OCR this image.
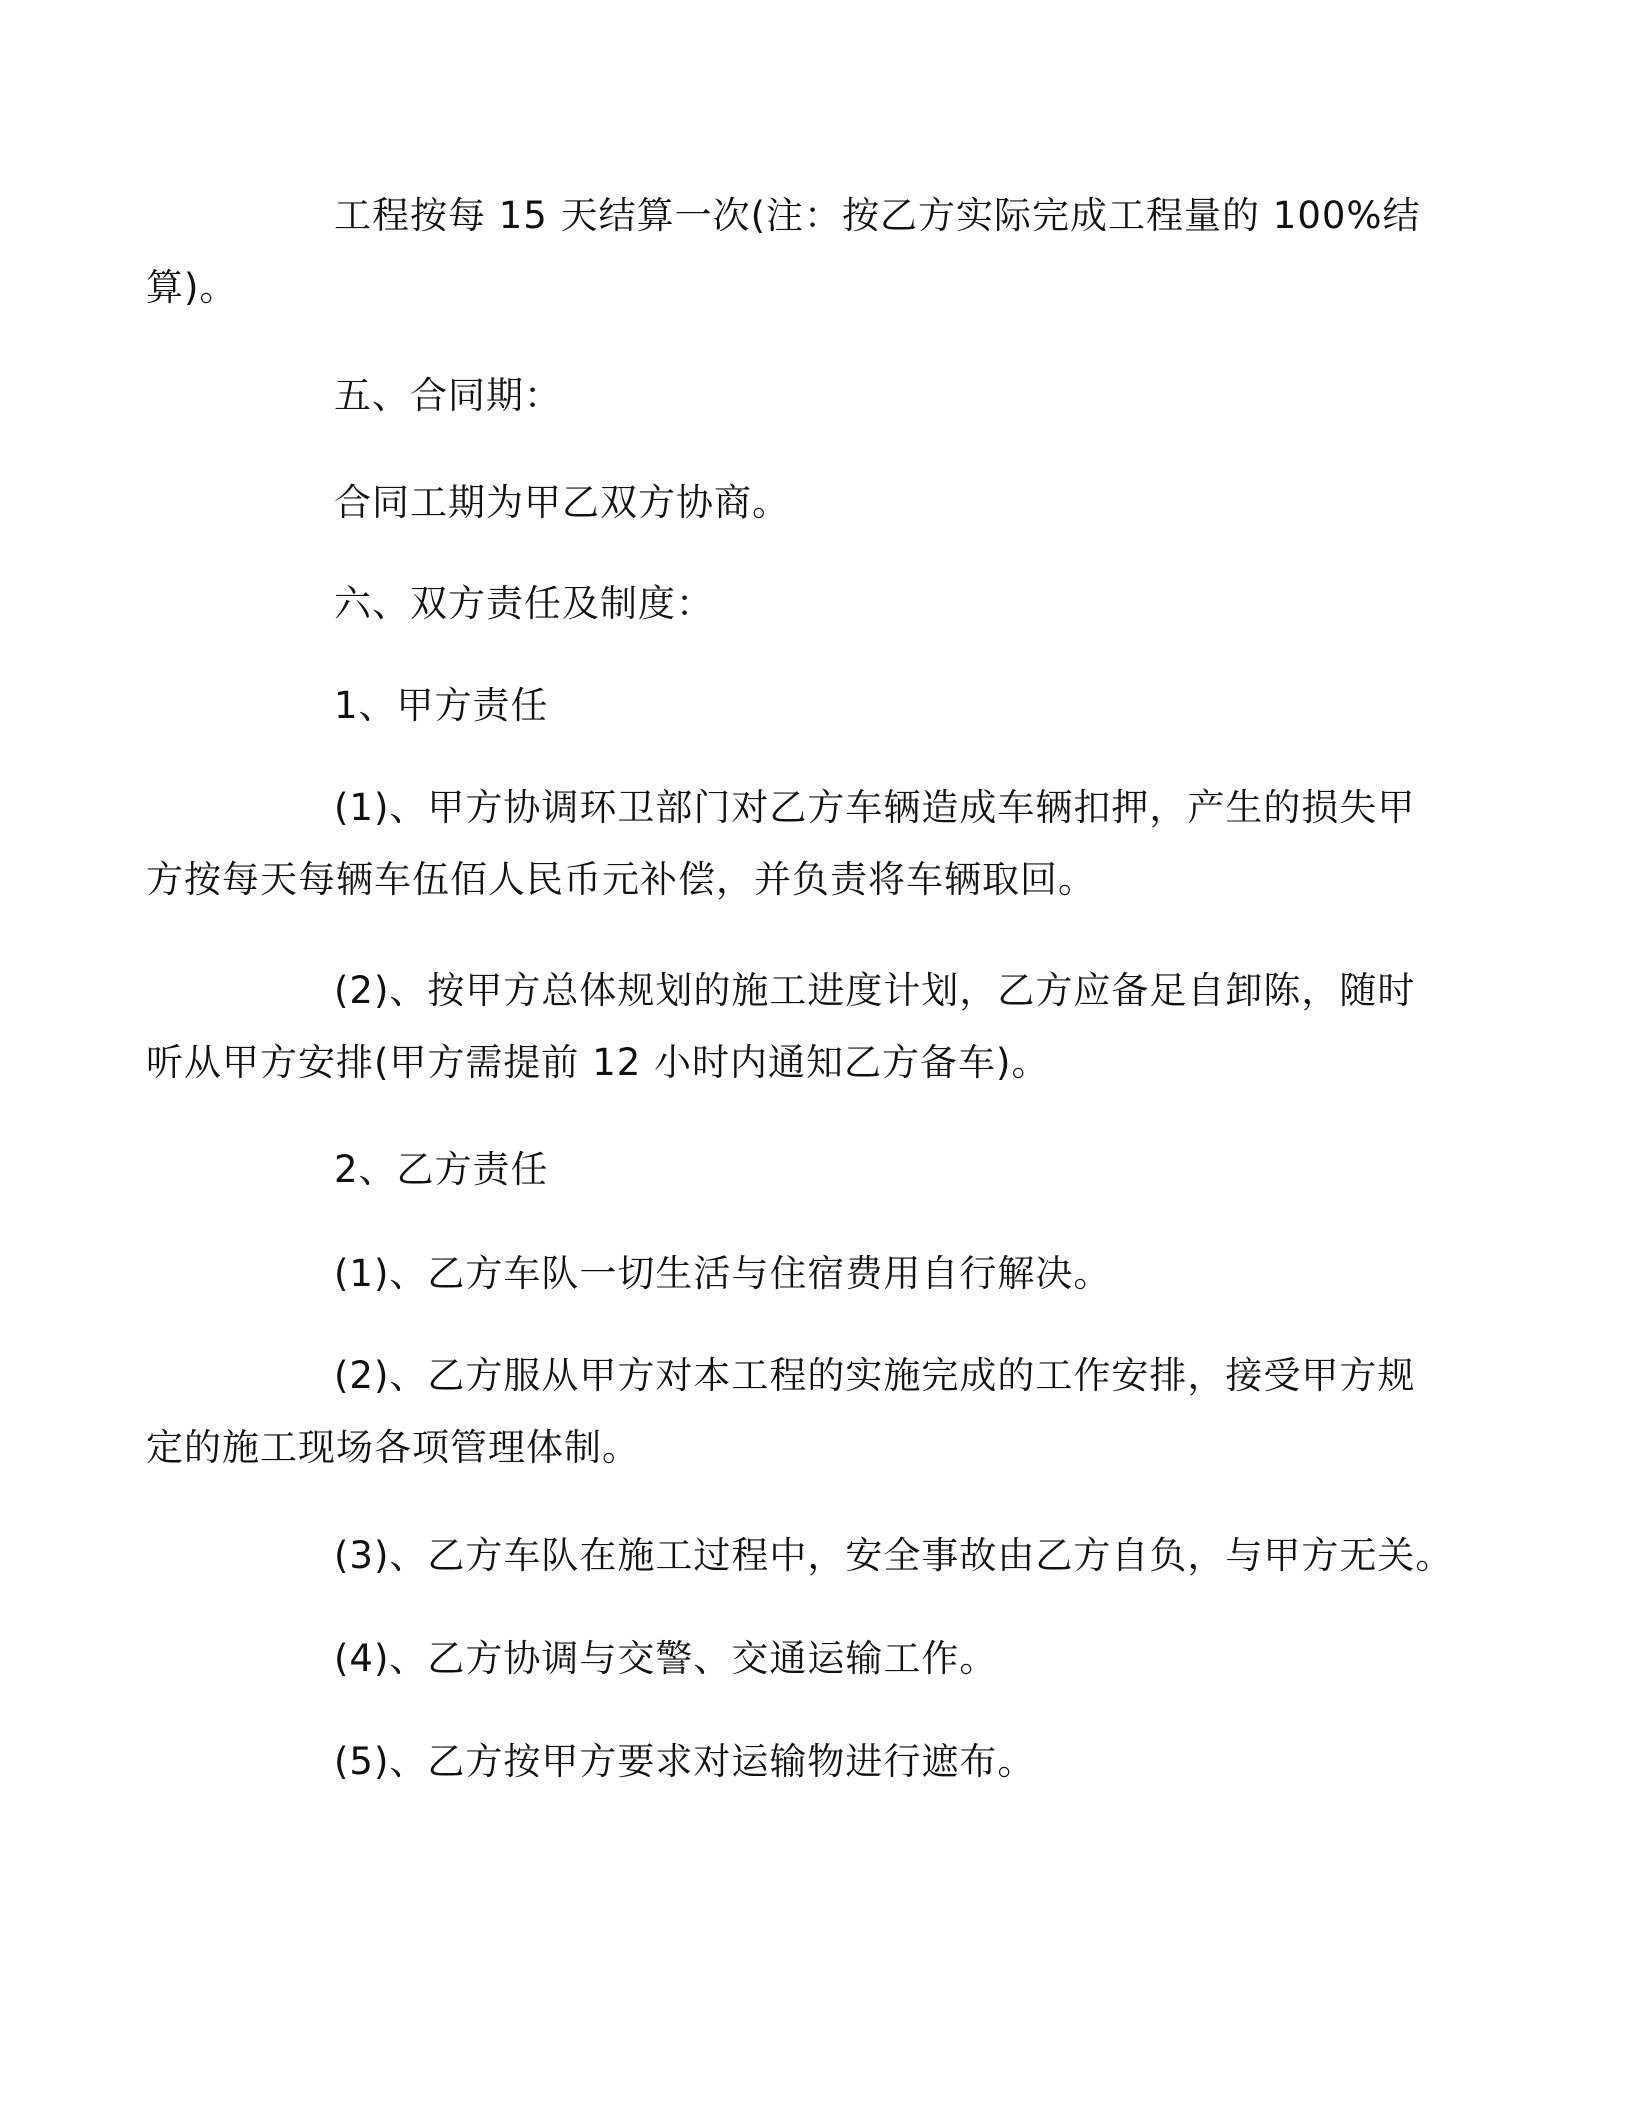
工程按每 15 天结算一次(注：按乙方实际完成工程量的 100%结
算)。

五、合同期：

合同工期为甲乙双方协商。

六、双方责任及制度：

1、甲方责任

(1)、甲方协调环卫部门对乙方车辆造成车辆扣押，产生的损失甲
方按每天每辆车伍佰人民币元补偿，并负责将车辆取回。

(2)、按甲方总体规划的施工进度计划，乙方应备足自卸陈，随时
听从甲方安排(甲方需提前 12 小时内通知乙方备车)。

2、乙方责任

(1)、乙方车队一切生活与住宿费用自行解决。

(2)、乙方服从甲方对本工程的实施完成的工作安排，接受甲方规
定的施工现场各项管理体制。

(3)、乙方车队在施工过程中，安全事故由乙方自负，与甲方无关。

(4)、乙方协调与交警、交通运输工作。

(5)、乙方按甲方要求对运输物进行遮布。
